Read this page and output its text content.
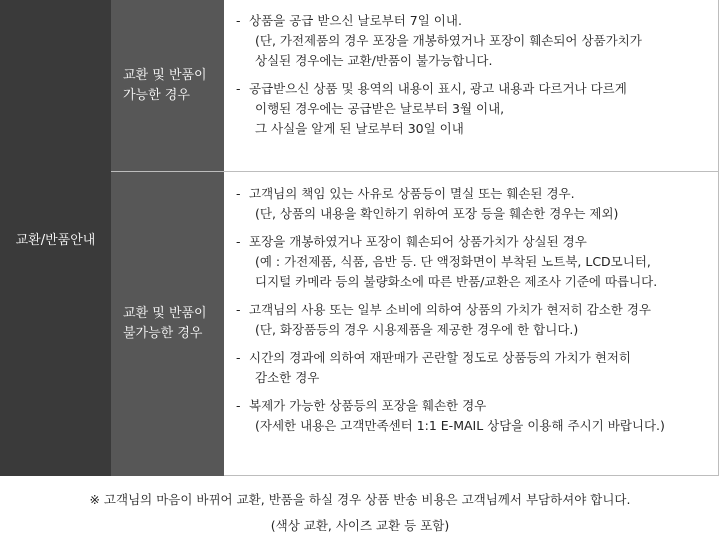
교환/반품안내
교환 및 반품이
가능한 경우
- 상품을 공급 받으신 날로부터 7일 이내.
(단, 가전제품의 경우 포장을 개봉하였거나 포장이 훼손되어 상품가치가
상실된 경우에는 교환/반품이 불가능합니다.
- 공급받으신 상품 및 용역의 내용이 표시, 광고 내용과 다르거나 다르게
이행된 경우에는 공급받은 날로부터 3월 이내,
그 사실을 알게 된 날로부터 30일 이내
교환 및 반품이
불가능한 경우
- 고객님의 책임 있는 사유로 상품등이 멸실 또는 훼손된 경우.
(단, 상품의 내용을 확인하기 위하여 포장 등을 훼손한 경우는 제외)
- 포장을 개봉하였거나 포장이 훼손되어 상품가치가 상실된 경우
(예 : 가전제품, 식품, 음반 등. 단 액정화면이 부착된 노트북, LCD모니터,
디지털 카메라 등의 불량화소에 따른 반품/교환은 제조사 기준에 따릅니다.
- 고객님의 사용 또는 일부 소비에 의하여 상품의 가치가 현저히 감소한 경우
(단, 화장품등의 경우 시용제품을 제공한 경우에 한 합니다.)
- 시간의 경과에 의하여 재판매가 곤란할 정도로 상품등의 가치가 현저히
감소한 경우
- 복제가 가능한 상품등의 포장을 훼손한 경우
(자세한 내용은 고객만족센터 1:1 E-MAIL 상담을 이용해 주시기 바랍니다.)
※ 고객님의 마음이 바뀌어 교환, 반품을 하실 경우 상품 반송 비용은 고객님께서 부담하셔야 합니다.
(색상 교환, 사이즈 교환 등 포함)
